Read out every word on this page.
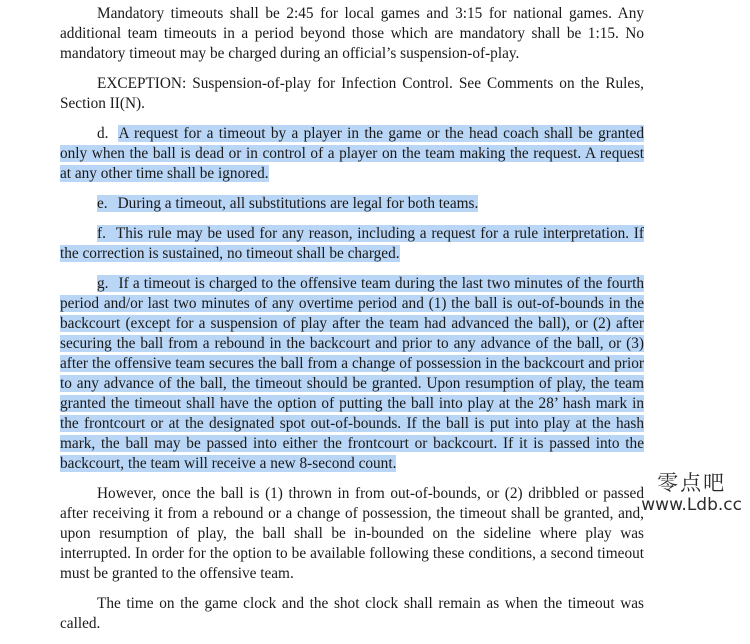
Mandatory timeouts shall be 2:45 for local games and 3:15 for national games. Any additional team timeouts in a period beyond those which are mandatory shall be 1:15. No mandatory timeout may be charged during an official’s suspension-of-play.

EXCEPTION: Suspension-of-play for Infection Control. See Comments on the Rules, Section II(N).

d. A request for a timeout by a player in the game or the head coach shall be granted only when the ball is dead or in control of a player on the team making the request. A request at any other time shall be ignored.

e. During a timeout, all substitutions are legal for both teams.

f. This rule may be used for any reason, including a request for a rule interpretation. If the correction is sustained, no timeout shall be charged.

g. If a timeout is charged to the offensive team during the last two minutes of the fourth period and/or last two minutes of any overtime period and (1) the ball is out-of-bounds in the backcourt (except for a suspension of play after the team had advanced the ball), or (2) after securing the ball from a rebound in the backcourt and prior to any advance of the ball, or (3) after the offensive team secures the ball from a change of possession in the backcourt and prior to any advance of the ball, the timeout should be granted. Upon resumption of play, the team granted the timeout shall have the option of putting the ball into play at the 28’ hash mark in the frontcourt or at the designated spot out-of-bounds. If the ball is put into play at the hash mark, the ball may be passed into either the frontcourt or backcourt. If it is passed into the backcourt, the team will receive a new 8-second count.

However, once the ball is (1) thrown in from out-of-bounds, or (2) dribbled or passed after receiving it from a rebound or a change of possession, the timeout shall be granted, and, upon resumption of play, the ball shall be in-bounded on the sideline where play was interrupted. In order for the option to be available following these conditions, a second timeout must be granted to the offensive team.

The time on the game clock and the shot clock shall remain as when the timeout was called.

零点吧
www.Ldb.cc
